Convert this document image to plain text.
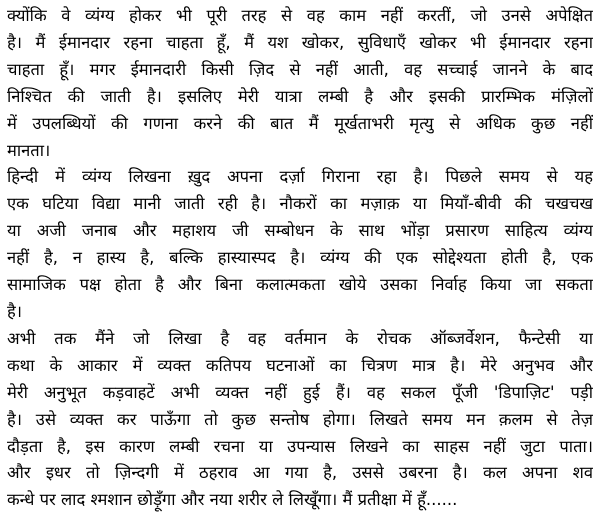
क्योंकि वे व्यंग्य होकर भी पूरी तरह से वह काम नहीं करतीं, जो उनसे अपेक्षित
है। मैं ईमानदार रहना चाहता हूँ, मैं यश खोकर, सुविधाएँ खोकर भी ईमानदार रहना
चाहता हूँ। मगर ईमानदारी किसी ज़िद से नहीं आती, वह सच्चाई जानने के बाद
निश्चित की जाती है। इसलिए मेरी यात्रा लम्बी है और इसकी प्रारम्भिक मंज़िलों
में उपलब्धियों की गणना करने की बात मैं मूर्खताभरी मृत्यु से अधिक कुछ नहीं
मानता।

हिन्दी में व्यंग्य लिखना ख़ुद अपना दर्ज़ा गिराना रहा है। पिछले समय से यह
एक घटिया विद्या मानी जाती रही है। नौकरों का मज़ाक़ या मियाँ-बीवी की चखचख
या अजी जनाब और महाशय जी सम्बोधन के साथ भोंड़ा प्रसारण साहित्य व्यंग्य
नहीं है, न हास्य है, बल्कि हास्यास्पद है। व्यंग्य की एक सोद्देश्यता होती है, एक
सामाजिक पक्ष होता है और बिना कलात्मकता खोये उसका निर्वाह किया जा सकता
है।

अभी तक मैंने जो लिखा है वह वर्तमान के रोचक ऑब्जर्वेशन, फैन्टेसी या
कथा के आकार में व्यक्त कतिपय घटनाओं का चित्रण मात्र है। मेरे अनुभव और
मेरी अनुभूत कड़वाहटें अभी व्यक्त नहीं हुई हैं। वह सकल पूँजी 'डिपाज़िट' पड़ी
है। उसे व्यक्त कर पाऊँगा तो कुछ सन्तोष होगा। लिखते समय मन क़लम से तेज़
दौड़ता है, इस कारण लम्बी रचना या उपन्यास लिखने का साहस नहीं जुटा पाता।
और इधर तो ज़िन्दगी में ठहराव आ गया है, उससे उबरना है। कल अपना शव
कन्धे पर लाद श्मशान छोड़ूँगा और नया शरीर ले लिखूँगा। मैं प्रतीक्षा में हूँ......
